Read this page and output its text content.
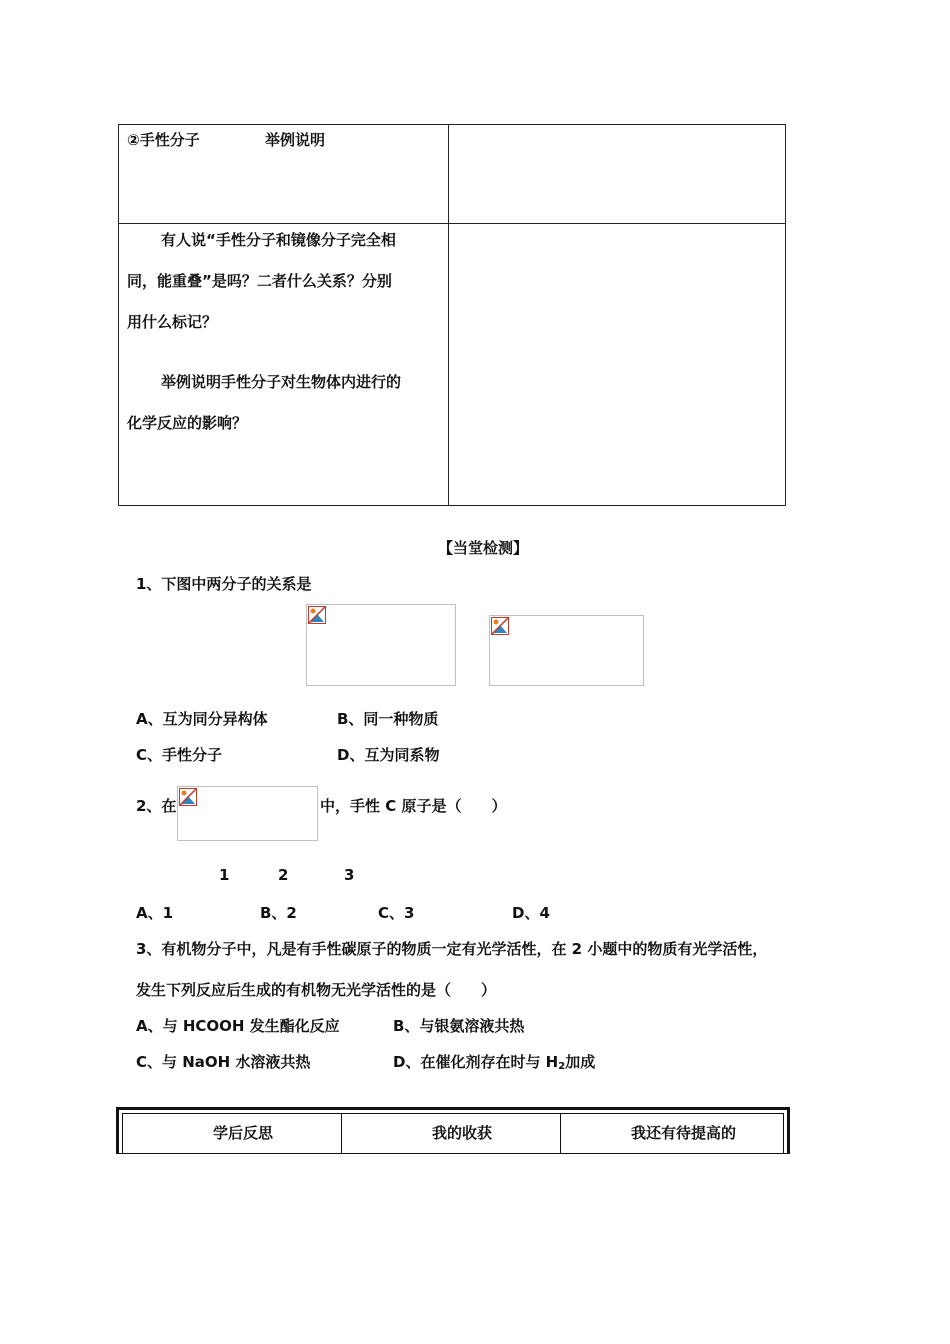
②手性分子	举例说明
有人说“手性分子和镜像分子完全相
同，能重叠”是吗？二者什么关系？分别
用什么标记？
举例说明手性分子对生物体内进行的
化学反应的影响？
【当堂检测】
1、下图中两分子的关系是
A、互为同分异构体	B、同一种物质
C、手性分子	D、互为同系物
2、在	中，手性 C 原子是（　　）
1	2	3
A、1	B、2	C、3	D、4
3、有机物分子中，凡是有手性碳原子的物质一定有光学活性，在 2 小题中的物质有光学活性，
发生下列反应后生成的有机物无光学活性的是（　　）
A、与 HCOOH 发生酯化反应	B、与银氨溶液共热
C、与 NaOH 水溶液共热	D、在催化剂存在时与 $H_2$加成
学后反思	我的收获	我还有待提高的
